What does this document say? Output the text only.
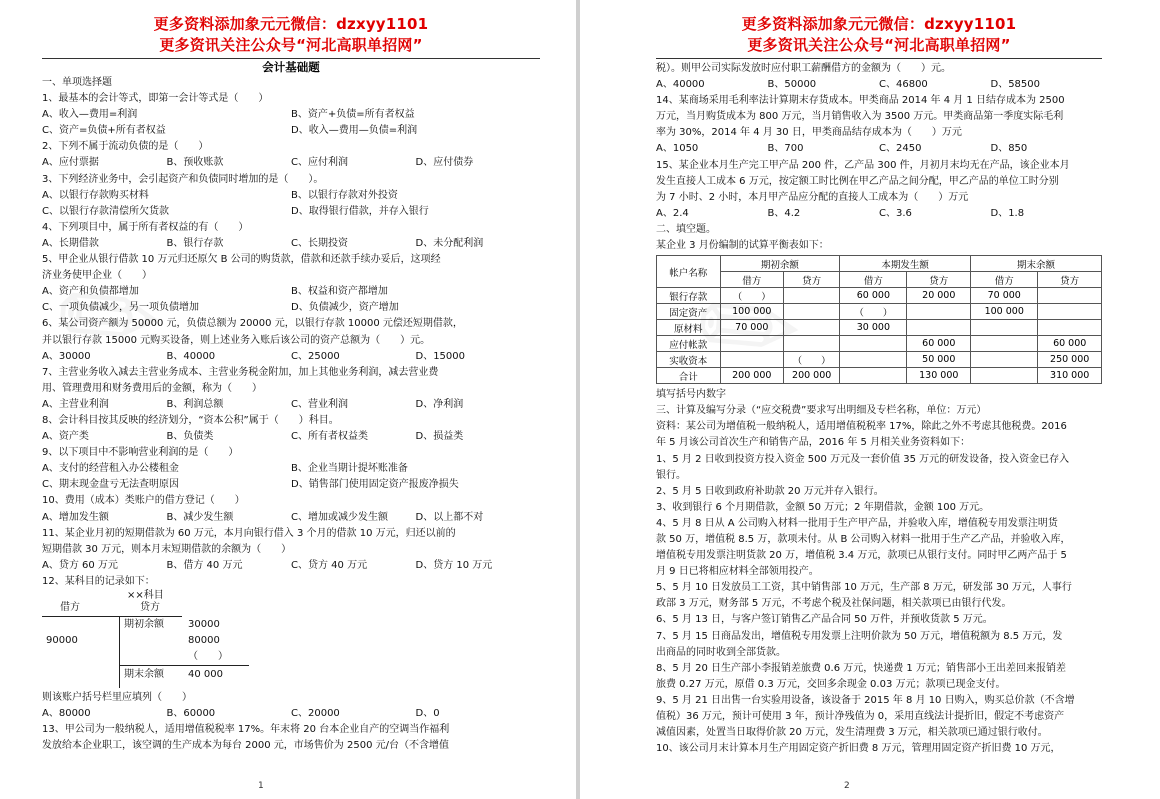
更多资料添加象元元微信：dzxyy1101
更多资讯关注公众号“河北高职单招网”
会计基础题
一、单项选择题
1、最基本的会计等式，即第一会计等式是（　　）
A、收入—费用=利润	B、资产+负债=所有者权益
C、资产=负债+所有者权益	D、收入—费用—负债=利润
2、下列不属于流动负债的是（　　）
A、应付票据	B、预收账款	C、应付利润	D、应付债券
3、下列经济业务中，会引起资产和负债同时增加的是（　　）。
A、以银行存款购买材料	B、以银行存款对外投资
C、以银行存款清偿所欠货款	D、取得银行借款，并存入银行
4、下列项目中，属于所有者权益的有（　　）
A、长期借款	B、银行存款	C、长期投资	D、未分配利润
5、甲企业从银行借款 10 万元归还原欠 B 公司的购货款，借款和还款手续办妥后，这项经
济业务使甲企业（　　）
A、资产和负债都增加	B、权益和资产都增加
C、一项负债减少，另一项负债增加	D、负债减少，资产增加
6、某公司资产额为 50000 元，负债总额为 20000 元，以银行存款 10000 元偿还短期借款，
并以银行存款 15000 元购买设备，则上述业务入账后该公司的资产总额为（　　）元。
A、30000	B、40000	C、25000	D、15000
7、主营业务收入减去主营业务成本、主营业务税金附加，加上其他业务利润，减去营业费
用、管理费用和财务费用后的金额，称为（　　）
A、主营业利润	B、利润总额	C、营业利润	D、净利润
8、会计科目按其反映的经济划分，“资本公积”属于（　　）科目。
A、资产类	B、负债类	C、所有者权益类	D、损益类
9、以下项目中不影响营业利润的是（　　）
A、支付的经营租入办公楼租金	B、企业当期计提坏账准备
C、期末现金盘亏无法查明原因	D、销售部门使用固定资产报废净损失
10、费用（成本）类账户的借方登记（　　）
A、增加发生额	B、减少发生额	C、增加或减少发生额	D、以上都不对
11、某企业月初的短期借款为 60 万元，本月向银行借入 3 个月的借款 10 万元，归还以前的
短期借款 30 万元，则本月末短期借款的余额为（　　）
A、贷方 60 万元	B、借方 40 万元	C、贷方 40 万元	D、贷方 10 万元
12、某科目的记录如下：
××科目
借方	贷方
90000
期初余额 30000
80000
（　　）
期末余额 40 000
则该账户括号栏里应填列（　　）
A、80000	B、60000	C、20000	D、0
13、甲公司为一般纳税人，适用增值税税率 17%。年末将 20 台本企业自产的空调当作福利
发放给本企业职工，该空调的生产成本为每台 2000 元，市场售价为 2500 元/台（不含增值
1
更多资料添加象元元微信：dzxyy1101
更多资讯关注公众号“河北高职单招网”
税）。则甲公司实际发放时应付职工薪酬借方的金额为（　　）元。
A、40000	B、50000	C、46800	D、58500
14、某商场采用毛利率法计算期末存货成本。甲类商品 2014 年 4 月 1 日结存成本为 2500
万元，当月购货成本为 800 万元，当月销售收入为 3500 万元。甲类商品第一季度实际毛利
率为 30%，2014 年 4 月 30 日，甲类商品结存成本为（　　）万元
A、1050	B、700	C、2450	D、850
15、某企业本月生产完工甲产品 200 件，乙产品 300 件，月初月末均无在产品，该企业本月
发生直接人工成本 6 万元，按定额工时比例在甲乙产品之间分配，甲乙产品的单位工时分别
为 7 小时、2 小时，本月甲产品应分配的直接人工成本为（　　）万元
A、2.4	B、4.2	C、3.6	D、1.8
二、填空题。
某企业 3 月份编制的试算平衡表如下：
帐户名称	期初余额		本期发生额		期末余额	
	借方	贷方	借方	贷方	借方	贷方
银行存款	（　　）		60 000	20 000	70 000	
固定资产	100 000		（　　）		100 000	
原材料	70 000		30 000			
应付帐款				60 000		60 000
实收资本		（　　）		50 000		250 000
合计	200 000	200 000		130 000		310 000
填写括号内数字
三、计算及编写分录（“应交税费”要求写出明细及专栏名称，单位：万元）
资料：某公司为增值税一般纳税人，适用增值税税率 17%，除此之外不考虑其他税费。2016
年 5 月该公司首次生产和销售产品，2016 年 5 月相关业务资料如下：
1、5 月 2 日收到投资方投入资金 500 万元及一套价值 35 万元的研发设备，投入资金已存入
银行。
2、5 月 5 日收到政府补助款 20 万元并存入银行。
3、收到银行 6 个月期借款，金额 50 万元；2 年期借款，金额 100 万元。
4、5 月 8 日从 A 公司购入材料一批用于生产甲产品，并验收入库，增值税专用发票注明货
款 50 万，增值税 8.5 万，款项未付。从 B 公司购入材料一批用于生产乙产品，并验收入库，
增值税专用发票注明货款 20 万，增值税 3.4 万元，款项已从银行支付。同时甲乙两产品于 5
月 9 日已将相应材料全部领用投产。
5、5 月 10 日发放员工工资，其中销售部 10 万元，生产部 8 万元，研发部 30 万元，人事行
政部 3 万元，财务部 5 万元，不考虑个税及社保问题，相关款项已由银行代发。
6、5 月 13 日，与客户签订销售乙产品合同 50 万件，并预收货款 5 万元。
7、5 月 15 日商品发出，增值税专用发票上注明价款为 50 万元，增值税额为 8.5 万元，发
出商品的同时收到全部货款。
8、5 月 20 日生产部小李报销差旅费 0.6 万元，快递费 1 万元；销售部小王出差回来报销差
旅费 0.27 万元，原借 0.3 万元，交回多余现金 0.03 万元；款项已现金支付。
9、5 月 21 日出售一台实验用设备，该设备于 2015 年 8 月 10 日购入，购买总价款（不含增
值税）36 万元，预计可使用 3 年，预计净残值为 0，采用直线法计提折旧，假定不考虑资产
减值因素，处置当日取得价款 20 万元，发生清理费 3 万元，相关款项已通过银行收付。
10、该公司月末计算本月生产用固定资产折旧费 8 万元，管理用固定资产折旧费 10 万元，
2
